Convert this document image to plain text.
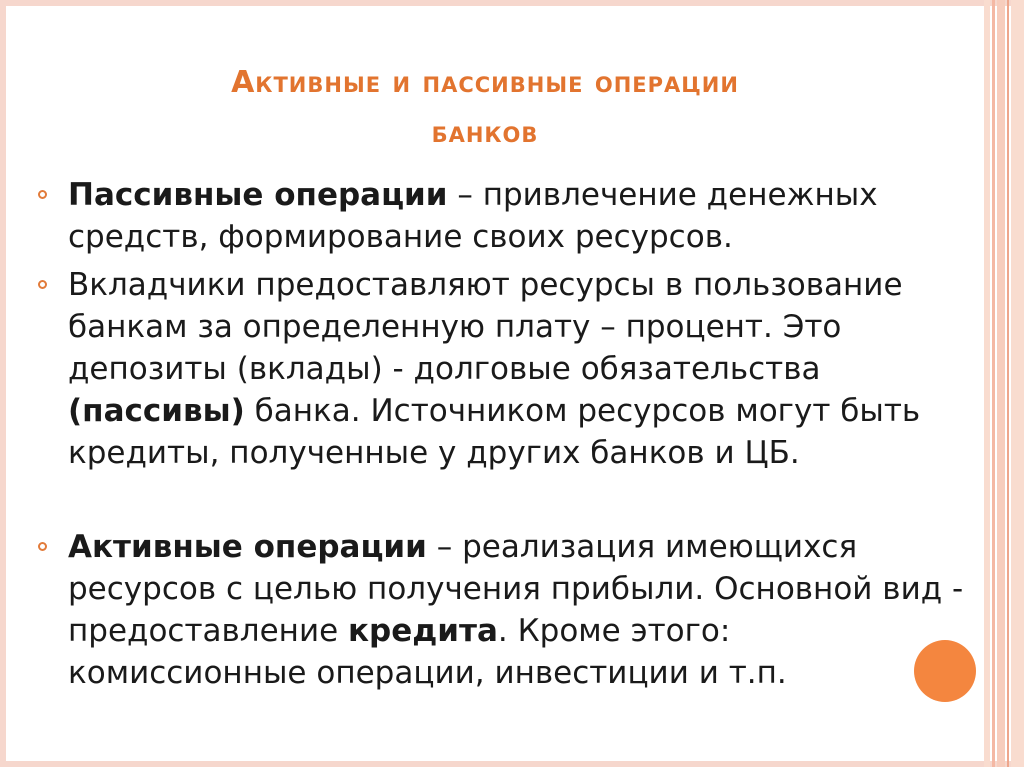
Активные и пассивные операции
банков
Пассивные операции – привлечение денежных средств, формирование своих ресурсов.
Вкладчики предоставляют ресурсы в пользование банкам за определенную плату – процент. Это депозиты (вклады) - долговые обязательства (пассивы) банка. Источником ресурсов могут быть кредиты, полученные у других банков и ЦБ.
Активные операции – реализация имеющихся ресурсов с целью получения прибыли. Основной вид - предоставление кредита. Кроме этого: комиссионные операции, инвестиции и т.п.
